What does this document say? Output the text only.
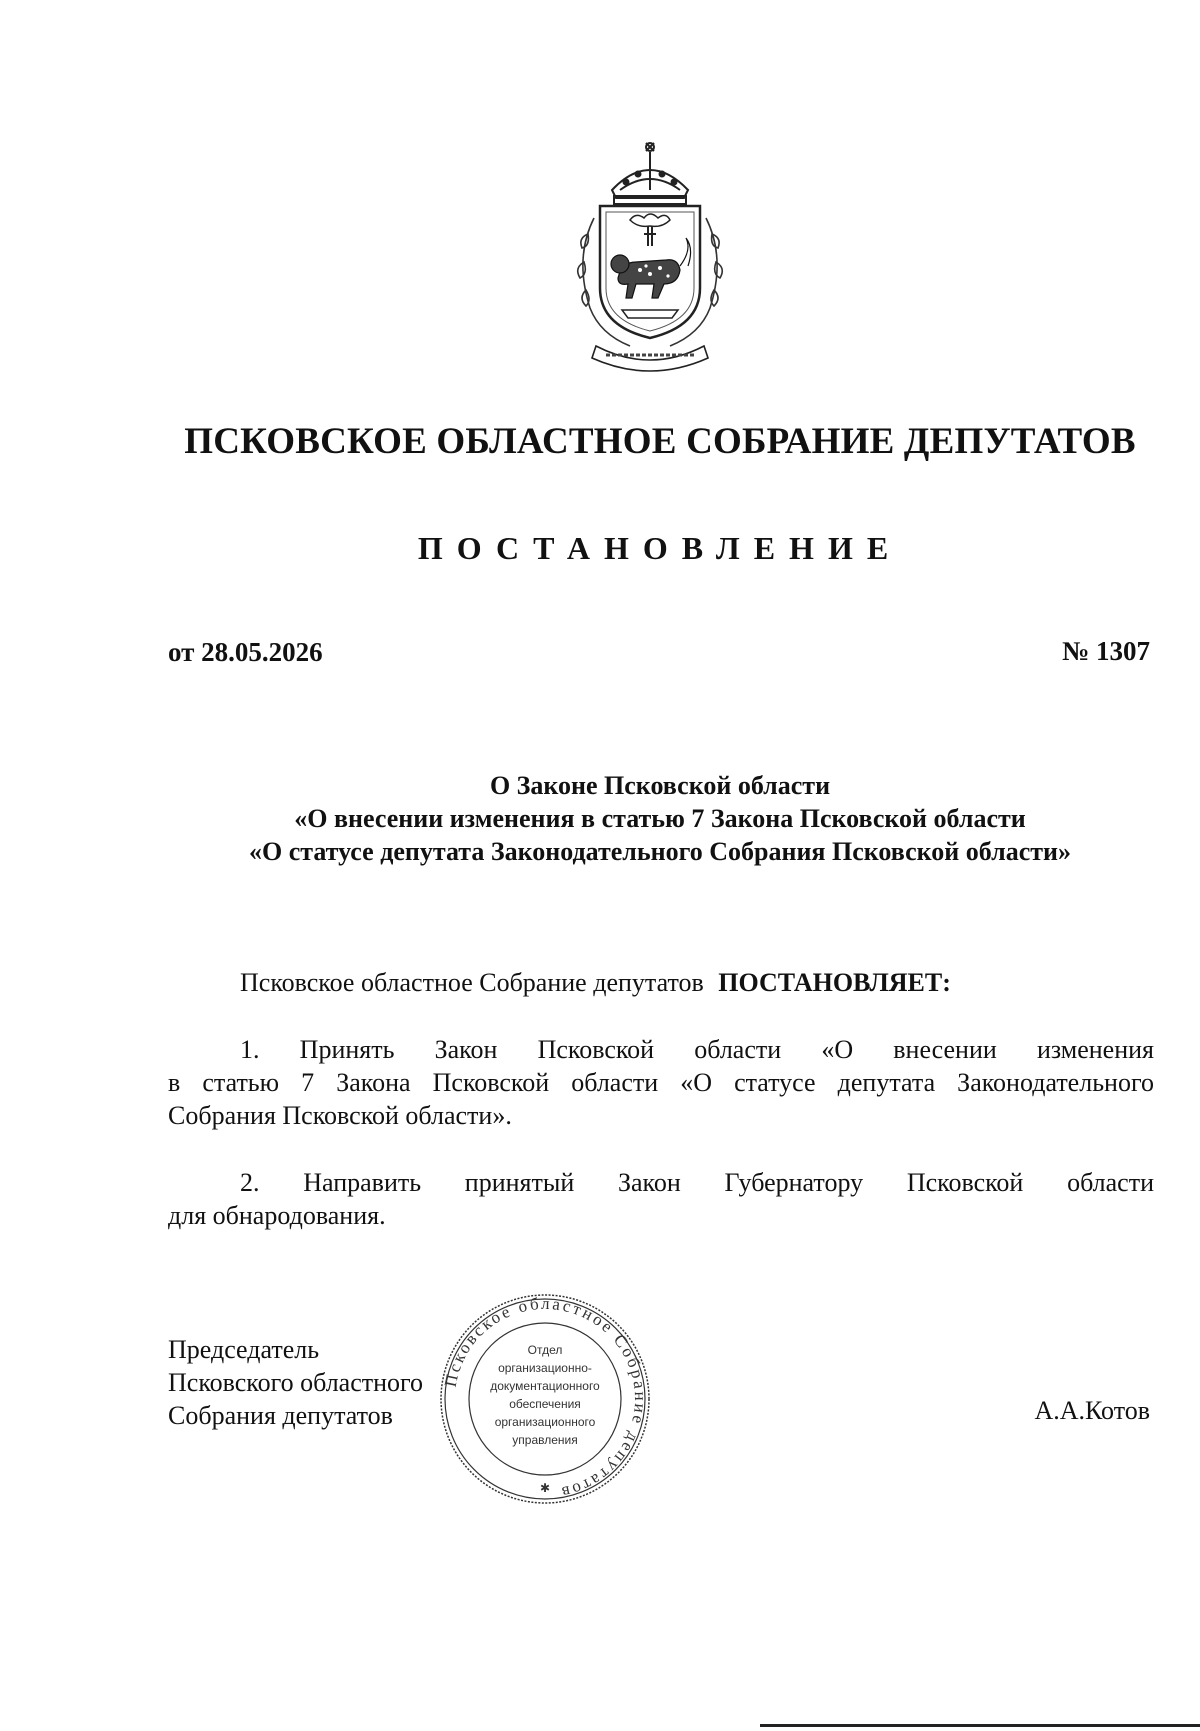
ПСКОВСКОЕ ОБЛАСТНОЕ СОБРАНИЕ ДЕПУТАТОВ
ПОСТАНОВЛЕНИЕ
от 28.05.2026	№ 1307
О Законе Псковской области
«О внесении изменения в статью 7 Закона Псковской области
«О статусе депутата Законодательного Собрания Псковской области»
Псковское областное Собрание депутатов ПОСТАНОВЛЯЕТ:
1. Принять Закон Псковской области «О внесении изменения
в статью 7 Закона Псковской области «О статусе депутата Законодательного
Собрания Псковской области».
2. Направить принятый Закон Губернатору Псковской области
для обнародования.
Председатель
Псковского областного
Собрания депутатов	А.А.Котов
Псковское областное Собрание депутатов
Отдел
организационно-
документационного
обеспечения
организационного
управления
✱
